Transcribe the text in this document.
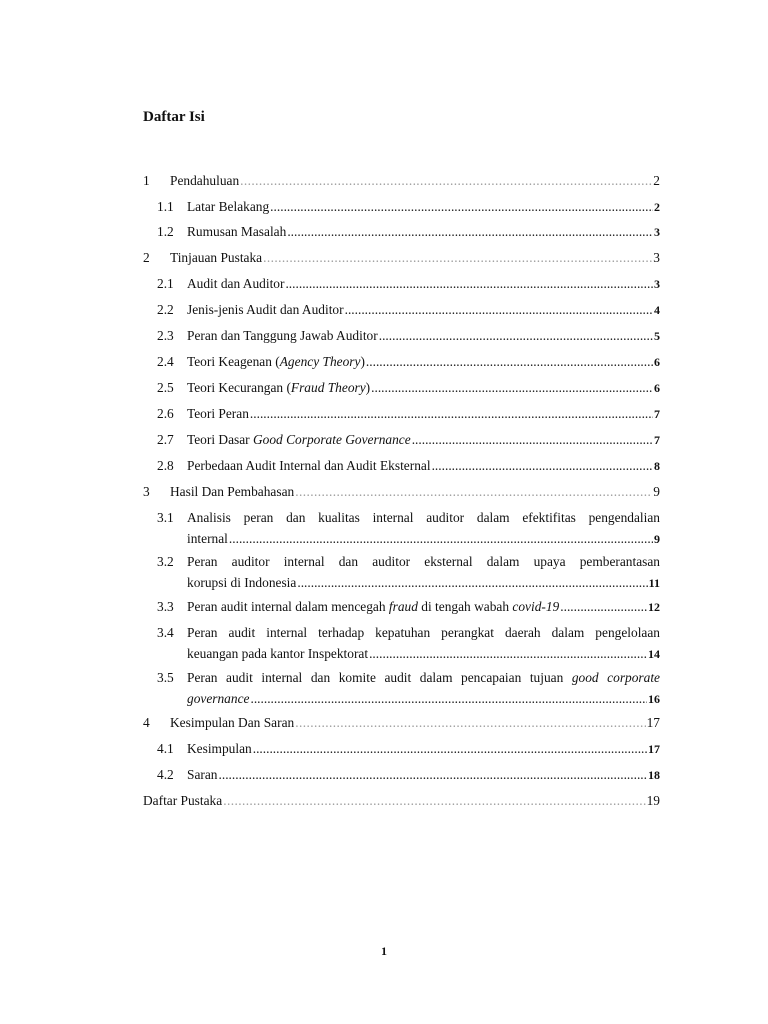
Daftar Isi
1	Pendahuluan .....	2
1.1 Latar Belakang .....	2
1.2 Rumusan Masalah .....	3
2	Tinjauan Pustaka .....	3
2.1 Audit dan Auditor .....	3
2.2 Jenis-jenis Audit dan Auditor .....	4
2.3 Peran dan Tanggung Jawab Auditor .....	5
2.4 Teori Keagenan (Agency Theory) .....	6
2.5 Teori Kecurangan (Fraud Theory) .....	6
2.6 Teori Peran .....	7
2.7 Teori Dasar Good Corporate Governance .....	7
2.8 Perbedaan Audit Internal dan Audit Eksternal .....	8
3	Hasil Dan Pembahasan .....	9
3.1 Analisis peran dan kualitas internal auditor dalam efektifitas pengendalian
internal .....	9
3.2 Peran auditor internal dan auditor eksternal dalam upaya pemberantasan
korupsi di Indonesia .....	11
3.3 Peran audit internal dalam mencegah fraud di tengah wabah covid-19 .....	12
3.4 Peran audit internal terhadap kepatuhan perangkat daerah dalam pengelolaan
keuangan pada kantor Inspektorat .....	14
3.5 Peran audit internal dan komite audit dalam pencapaian tujuan good corporate
governance .....	16
4	Kesimpulan Dan Saran .....	17
4.1 Kesimpulan .....	17
4.2 Saran .....	18
Daftar Pustaka .....	19
1
